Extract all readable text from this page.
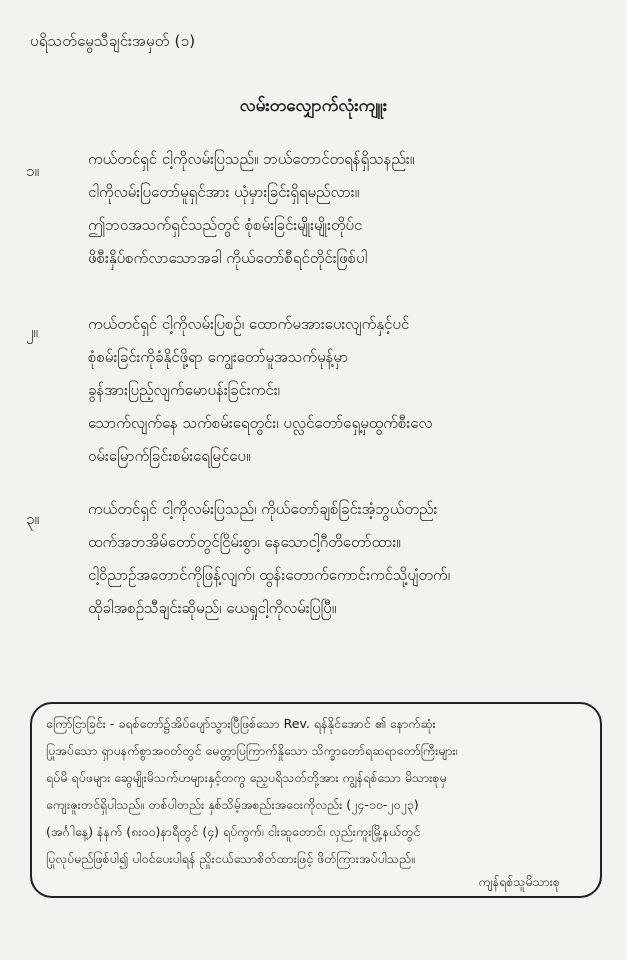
ပရိသတ်မွေသီချင်းအမှတ် (၁)
လမ်းတလျှောက်လုံးကျူး
၁။
ကယ်တင်ရှင် ငါ့ကိုလမ်းပြသည်။ ဘယ်တောင်တရန်ရှိသနည်း။
ငါကိုလမ်းပြတော်မူရှင်အား ယုံမှားခြင်းရှိရမည်လား။
ဤဘဝအသက်ရှင်သည်တွင် စုံစမ်းခြင်းမျိုးမျိုးတိုပ်င
ဖိစီးနှိပ်စက်လာသောအခါ ကိုယ်တော်စီရင်တိုင်းဖြစ်ပါ
၂။	ကယ်တင်ရှင် ငါ့ကိုလမ်းပြစဉ်၊ ထောက်မအားပေးလျက်နှင့်ပင်
စုံစမ်းခြင်းကိုခံနိုင်ဖို့ရာ ကျွေးတော်မူအသက်မုန့်မှာ
ခွန်အားပြည့်လျက်မောပန်းခြင်းကင်း၊
သောက်လျက်နေ သက်စမ်းရေတွင်း၊ ပလ္လင်တော်ရှေ့မှထွက်စီးလေ
ဝမ်းမြောက်ခြင်းစမ်းရေမြင်ပေ။
၃။
ကယ်တင်ရှင် ငါ့ကိုလမ်းပြသည်၊ ကိုယ်တော်ချစ်ခြင်းအံ့ဘွယ်တည်း
ထက်အဘအိမ်တော်တွင်ငြိမ်းစွာ၊ နေသောငါ့ဂီတိတော်ထား။
ငါ့ဝိညာဉ်အတောင်ကိုဖြန့်လျက်၊ ထွန်းတောက်ကောင်းကင်သို့ပျံတက်၊
ထိုခါအစဉ်သီချင်းဆိုမည်၊ ယေရှုငါ့ကိုလမ်းပြပြီ။
ကြော်ငြာခြင်း - ခရစ်တော်၌အိပ်ပျော်သွားပြီဖြစ်သော Rev. ရန်နိုင်အောင် ၏ နောက်ဆုံး
ပြုအပ်သော ရှာပနက်စွာအဝတ်တွင် မေတ္တာပြကြာက်နှိုသော သိက္ခာတော်ရဆရာတော်ကြီးများ၊
ရပ်မိ ရပ်ဖများ ဆွေမျိုးမိသက်ဟများနှင့်တကွ ညေ့ပရိသတ်တို့အား ကျွန်ရစ်သော မိသားစုမှ
ကျေးဇူးတင်ရှိပါသည်။ တစ်ပါတည်း နှစ်သိမ့်အစည်းအဝေးကိုလည်း (၂၄-၁၀-၂၀၂၃)
(အင်္ဂါနေ့) နံနက် (၈း၀၀)နာရီတွင် (၄) ရပ်ကွက်၊ ငါးဆူတောင်၊ လှည်းကူးမြို့နယ်တွင်
ပြုလုပ်မည်ဖြစ်ပါ၍ ပါဝင်ပေးပါရန် ညှိုးငယ်သောစိတ်ထားဖြင့် ဖိတ်ကြားအပ်ပါသည်။
ကျန်ရစ်သူမိသားစု
